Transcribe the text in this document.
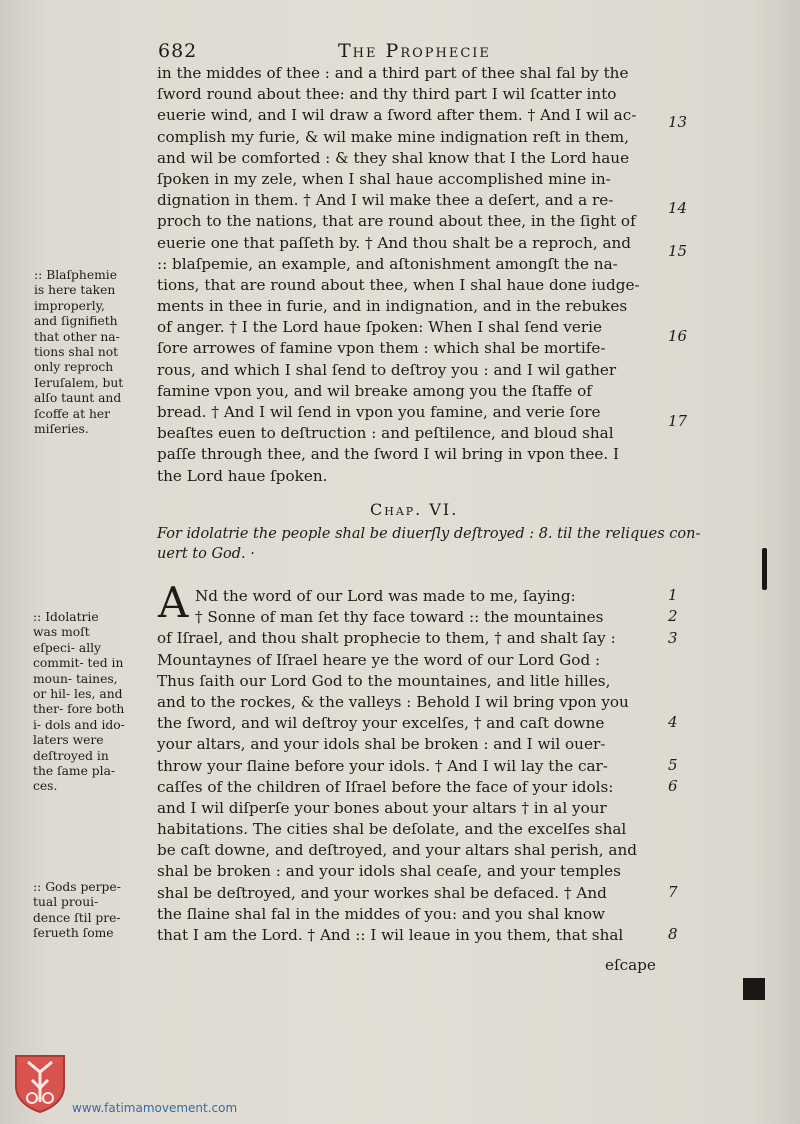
682	The Prophecie
in the middes of thee : and a third part of thee shal fal by the
ſword round about thee: and thy third part I wil ſcatter into
euerie wind, and I wil draw a ſword after them. † And I wil ac-
complish my furie, & wil make mine indignation reſt in them,
and wil be comforted : & they shal know that I the Lord haue
ſpoken in my zele, when I shal haue accomplished mine in-
dignation in them. † And I wil make thee a deſert, and a re-
proch to the nations, that are round about thee, in the ſight of
euerie one that paſſeth by. † And thou shalt be a reproch, and
:: blaſpemie, an example, and aſtonishment amongſt the na-
tions, that are round about thee, when I shal haue done iudge-
ments in thee in furie, and in indignation, and in the rebukes
of anger. † I the Lord haue ſpoken: When I shal ſend verie
ſore arrowes of famine vpon them : which shal be mortife-
rous, and which I shal ſend to deſtroy you : and I wil gather
famine vpon you, and wil breake among you the ſtaffe of
bread. † And I wil ſend in vpon you famine, and verie ſore
beaſtes euen to deſtruction : and peſtilence, and bloud shal
paſſe through thee, and the ſword I wil bring in vpon thee. I
the Lord haue ſpoken.
13
14
15
16
17
Chap. VI.
For idolatrie the people shal be diuerſly deſtroyed : 8. til the reliques con-uert to God. ·
A Nd the word of our Lord was made to me, ſaying:
† Sonne of man ſet thy face toward :: the mountaines
of Iſrael, and thou shalt prophecie to them, † and shalt ſay :
Mountaynes of Iſrael heare ye the word of our Lord God :
Thus ſaith our Lord God to the mountaines, and litle hilles,
and to the rockes, & the valleys : Behold I wil bring vpon you
the ſword, and wil deſtroy your excelſes, † and caſt downe
your altars, and your idols shal be broken : and I wil ouer-
throw your ſlaine before your idols. † And I wil lay the car-
caſſes of the children of Iſrael before the face of your idols:
and I wil diſperſe your bones about your altars † in al your
habitations. The cities shal be deſolate, and the excelſes shal
be caſt downe, and deſtroyed, and your altars shal perish, and
shal be broken : and your idols shal ceaſe, and your temples
shal be deſtroyed, and your workes shal be defaced. † And
the ſlaine shal fal in the middes of you: and you shal know
that I am the Lord. † And :: I wil leaue in you them, that shal
1
2
3
4
5
6
7
8
eſcape
:: Blaſphemie is here taken improperly, and ſignifieth that other na- tions shal not only reproch Ieruſalem, but alſo taunt and ſcoffe at her miſeries.
:: Idolatrie was moſt eſpeci- ally commit- ted in moun- taines, or hil- les, and ther- fore both i- dols and ido- laters were deſtroyed in the ſame pla- ces.
:: Gods perpe- tual proui- dence ſtil pre- ſerueth ſome
www.fatimamovement.com
